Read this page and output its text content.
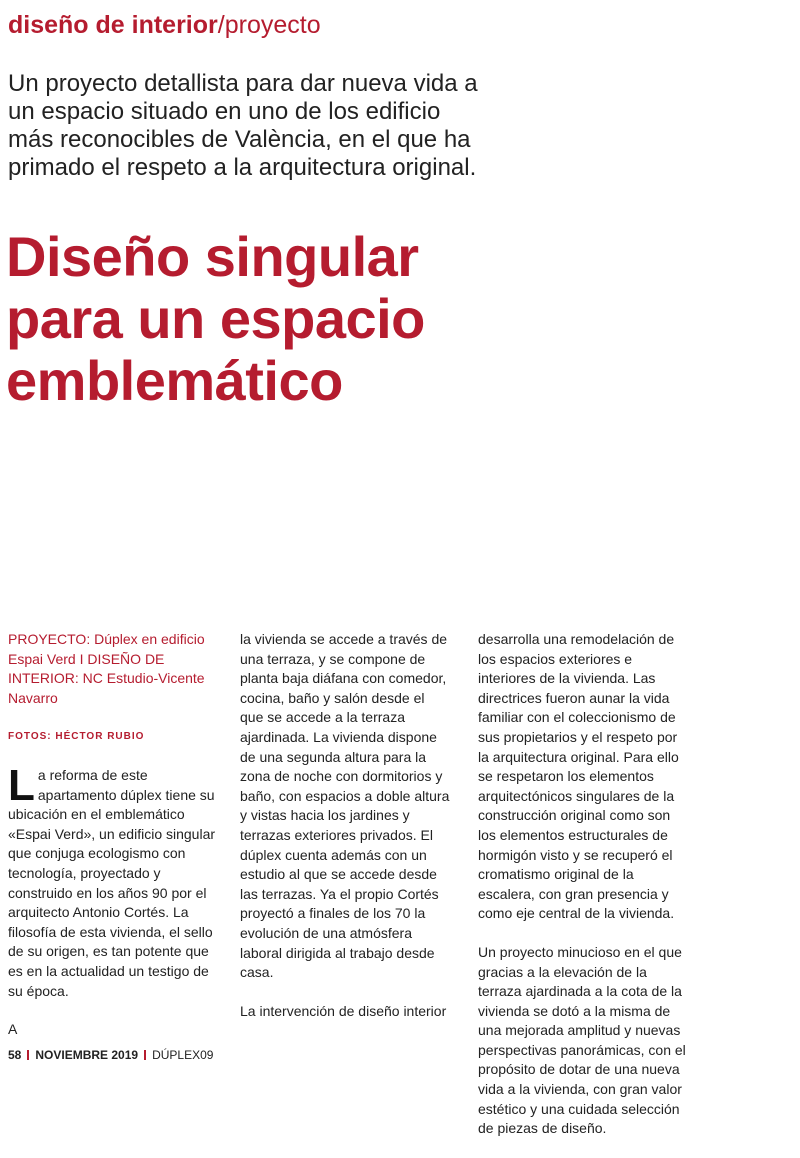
diseño de interior/proyecto
Un proyecto detallista para dar nueva vida a un espacio situado en uno de los edificio más reconocibles de València, en el que ha primado el respeto a la arquitectura original.
Diseño singular
para un espacio
emblemático

PROYECTO: Dúplex en edificio Espai Verd I DISEÑO DE INTERIOR: NC Estudio-Vicente Navarro

FOTOS: HÉCTOR RUBIO

La reforma de este apartamento dúplex tiene su ubicación en el emblemático «Espai Verd», un edificio singular que conjuga ecologismo con tecnología, proyectado y construido en los años 90 por el arquitecto Antonio Cortés. La filosofía de esta vivienda, el sello de su origen, es tan potente que es en la actualidad un testigo de su época.

A

la vivienda se accede a través de una terraza, y se compone de planta baja diáfana con comedor, cocina, baño y salón desde el que se accede a la terraza ajardinada. La vivienda dispone de una segunda altura para la zona de noche con dormitorios y baño, con espacios a doble altura y vistas hacia los jardines y terrazas exteriores privados. El dúplex cuenta además con un estudio al que se accede desde las terrazas. Ya el propio Cortés proyectó a finales de los 70 la evolución de una atmósfera laboral dirigida al trabajo desde casa.

La intervención de diseño interior

desarrolla una remodelación de los espacios exteriores e interiores de la vivienda. Las directrices fueron aunar la vida familiar con el coleccionismo de sus propietarios y el respeto por la arquitectura original. Para ello se respetaron los elementos arquitectónicos singulares de la construcción original como son los elementos estructurales de hormigón visto y se recuperó el cromatismo original de la escalera, con gran presencia y como eje central de la vivienda.

Un proyecto minucioso en el que gracias a la elevación de la terraza ajardinada a la cota de la vivienda se dotó a la misma de una mejorada amplitud y nuevas perspectivas panorámicas, con el propósito de dotar de una nueva vida a la vivienda, con gran valor estético y una cuidada selección de piezas de diseño.

58 NOVIEMBRE 2019 DÚPLEX09
